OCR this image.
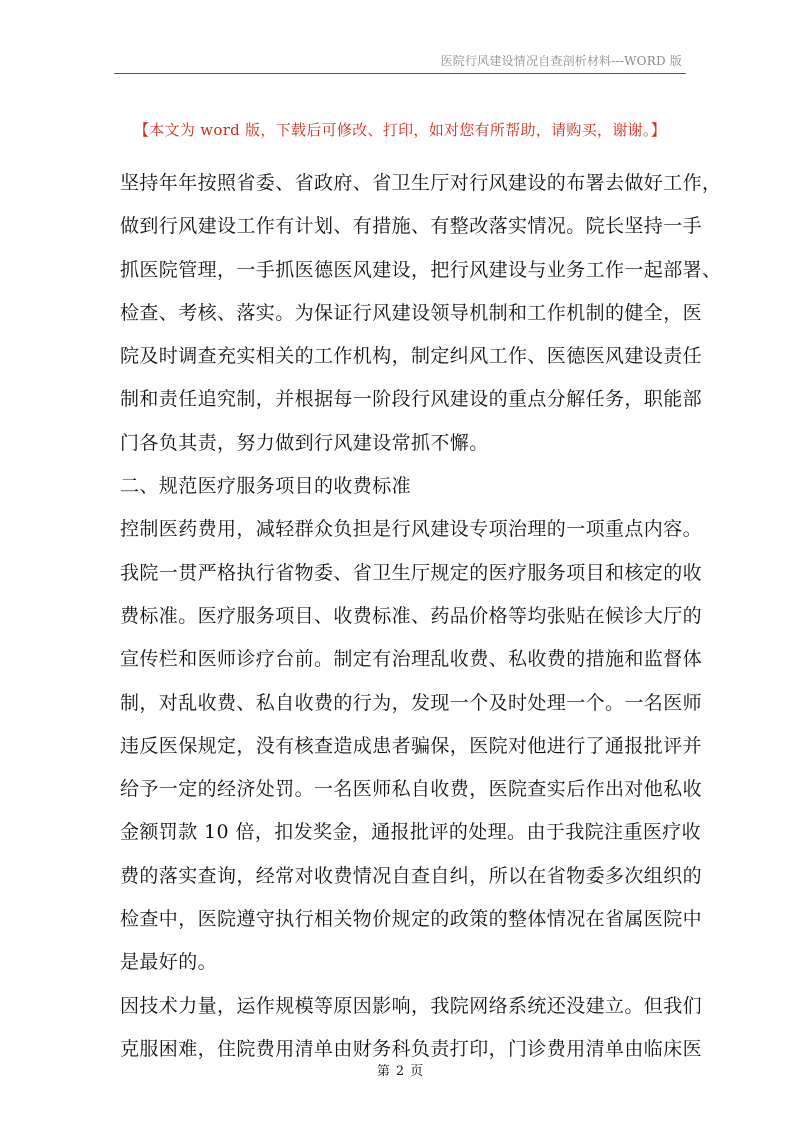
医院行风建设情况自查剖析材料---WORD 版
【本文为 word 版，下载后可修改、打印，如对您有所帮助，请购买，谢谢。】
坚持年年按照省委、省政府、省卫生厅对行风建设的布署去做好工作，
做到行风建设工作有计划、有措施、有整改落实情况。院长坚持一手
抓医院管理，一手抓医德医风建设，把行风建设与业务工作一起部署、
检查、考核、落实。为保证行风建设领导机制和工作机制的健全，医
院及时调查充实相关的工作机构，制定纠风工作、医德医风建设责任
制和责任追究制，并根据每一阶段行风建设的重点分解任务，职能部
门各负其责，努力做到行风建设常抓不懈。
二、规范医疗服务项目的收费标准
控制医药费用，减轻群众负担是行风建设专项治理的一项重点内容。
我院一贯严格执行省物委、省卫生厅规定的医疗服务项目和核定的收
费标准。医疗服务项目、收费标准、药品价格等均张贴在候诊大厅的
宣传栏和医师诊疗台前。制定有治理乱收费、私收费的措施和监督体
制，对乱收费、私自收费的行为，发现一个及时处理一个。一名医师
违反医保规定，没有核查造成患者骗保，医院对他进行了通报批评并
给予一定的经济处罚。一名医师私自收费，医院查实后作出对他私收
金额罚款 10 倍，扣发奖金，通报批评的处理。由于我院注重医疗收
费的落实查询，经常对收费情况自查自纠，所以在省物委多次组织的
检查中，医院遵守执行相关物价规定的政策的整体情况在省属医院中
是最好的。
因技术力量，运作规模等原因影响，我院网络系统还没建立。但我们
克服困难，住院费用清单由财务科负责打印，门诊费用清单由临床医
第 2 页
